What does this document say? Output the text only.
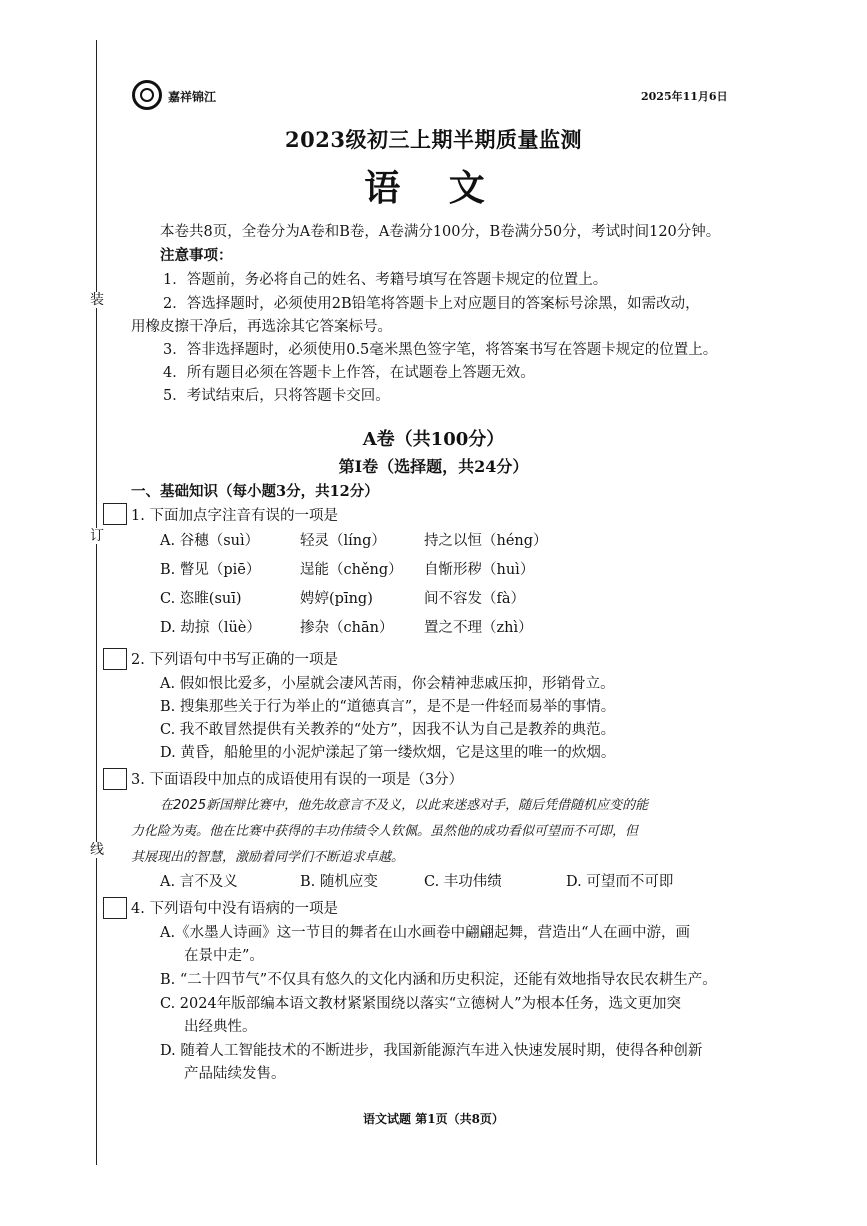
装
订
线
嘉祥锦江	2025年11月6日
2023级初三上期半期质量监测
语 文
本卷共8页，全卷分为A卷和B卷，A卷满分100分，B卷满分50分，考试时间120分钟。
注意事项：
1．答题前，务必将自己的姓名、考籍号填写在答题卡规定的位置上。
2．答选择题时，必须使用2B铅笔将答题卡上对应题目的答案标号涂黑，如需改动，
用橡皮擦干净后，再选涂其它答案标号。
3．答非选择题时，必须使用0.5毫米黑色签字笔，将答案书写在答题卡规定的位置上。
4．所有题目必须在答题卡上作答，在试题卷上答题无效。
5．考试结束后，只将答题卡交回。
A卷（共100分）
第Ⅰ卷（选择题，共24分）
一、基础知识（每小题3分，共12分）
1. 下面加点字注音有误的一项是
A. 谷穗（suì）	轻灵（líng）	持之以恒（héng）
B. 瞥见（piē）	逞能（chěng） 自惭形秽（huì）
C. 恣睢(suī)	娉婷(pīng)	间不容发（fà）
D. 劫掠（lüè）	掺杂（chān） 置之不理（zhì）
2. 下列语句中书写正确的一项是
A. 假如恨比爱多，小屋就会凄风苦雨，你会精神悲戚压抑，形销骨立。
B. 搜集那些关于行为举止的“道德真言”，是不是一件轻而易举的事情。
C. 我不敢冒然提供有关教养的“处方”，因我不认为自己是教养的典范。
D. 黄昏，船舱里的小泥炉漾起了第一缕炊烟，它是这里的唯一的炊烟。
3. 下面语段中加点的成语使用有误的一项是（3分）
在2025新国辩比赛中，他先故意言不及义，以此来迷惑对手，随后凭借随机应变的能
力化险为夷。他在比赛中获得的丰功伟绩令人钦佩。虽然他的成功看似可望而不可即，但
其展现出的智慧，激励着同学们不断追求卓越。
A. 言不及义	B. 随机应变	C. 丰功伟绩	D. 可望而不可即
4. 下列语句中没有语病的一项是
A.《水墨人诗画》这一节目的舞者在山水画卷中翩翩起舞，营造出“人在画中游，画
在景中走”。
B. “二十四节气”不仅具有悠久的文化内涵和历史积淀，还能有效地指导农民农耕生产。
C. 2024年版部编本语文教材紧紧围绕以落实“立德树人”为根本任务，选文更加突
出经典性。
D. 随着人工智能技术的不断进步，我国新能源汽车进入快速发展时期，使得各种创新
产品陆续发售。
语文试题 第1页（共8页）
